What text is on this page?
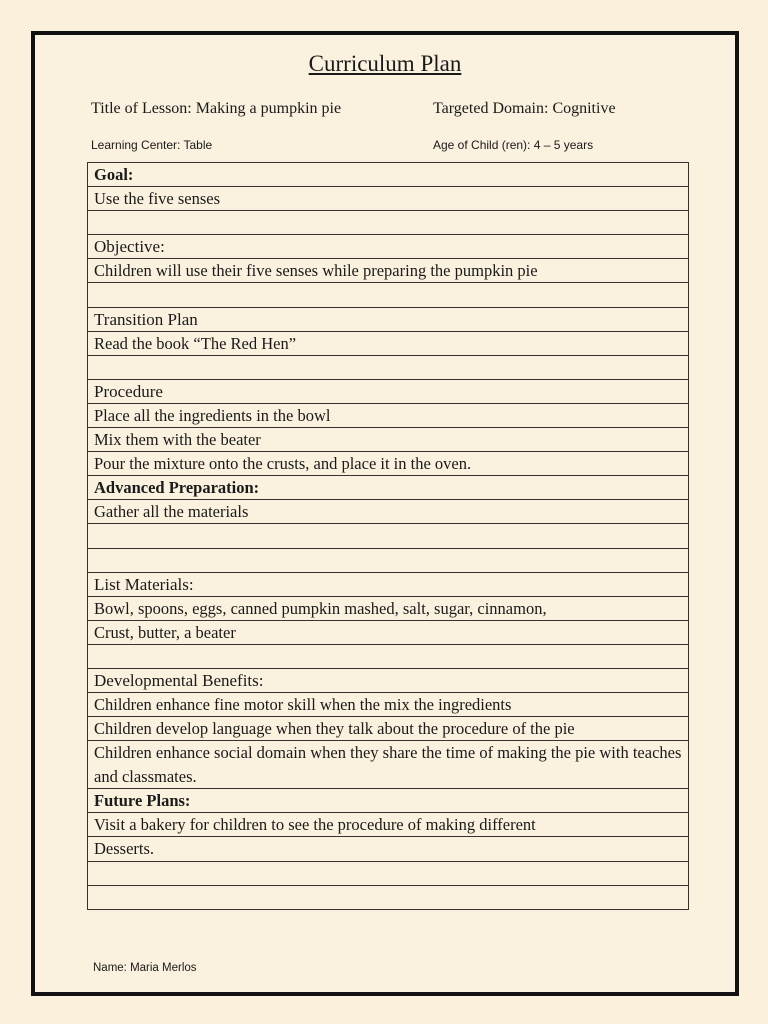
Curriculum Plan
Title of Lesson: Making a pumpkin pie	Targeted Domain: Cognitive
Learning Center: Table	Age of Child (ren): 4 – 5 years
Goal:
Use the five senses

Objective:
Children will use their five senses while preparing the pumpkin pie

Transition Plan
Read the book “The Red Hen”

Procedure
Place all the ingredients in the bowl
Mix them with the beater
Pour the mixture onto the crusts, and place it in the oven.
Advanced Preparation:
Gather all the materials

List Materials:
Bowl, spoons, eggs, canned pumpkin mashed, salt, sugar, cinnamon,
Crust, butter, a beater

Developmental Benefits:
Children enhance fine motor skill when the mix the ingredients
Children develop language when they talk about the procedure of the pie
Children enhance social domain when they share the time of making the pie with teaches and classmates.
Future Plans:
Visit a bakery for children to see the procedure of making different
Desserts.

Name: Maria Merlos
